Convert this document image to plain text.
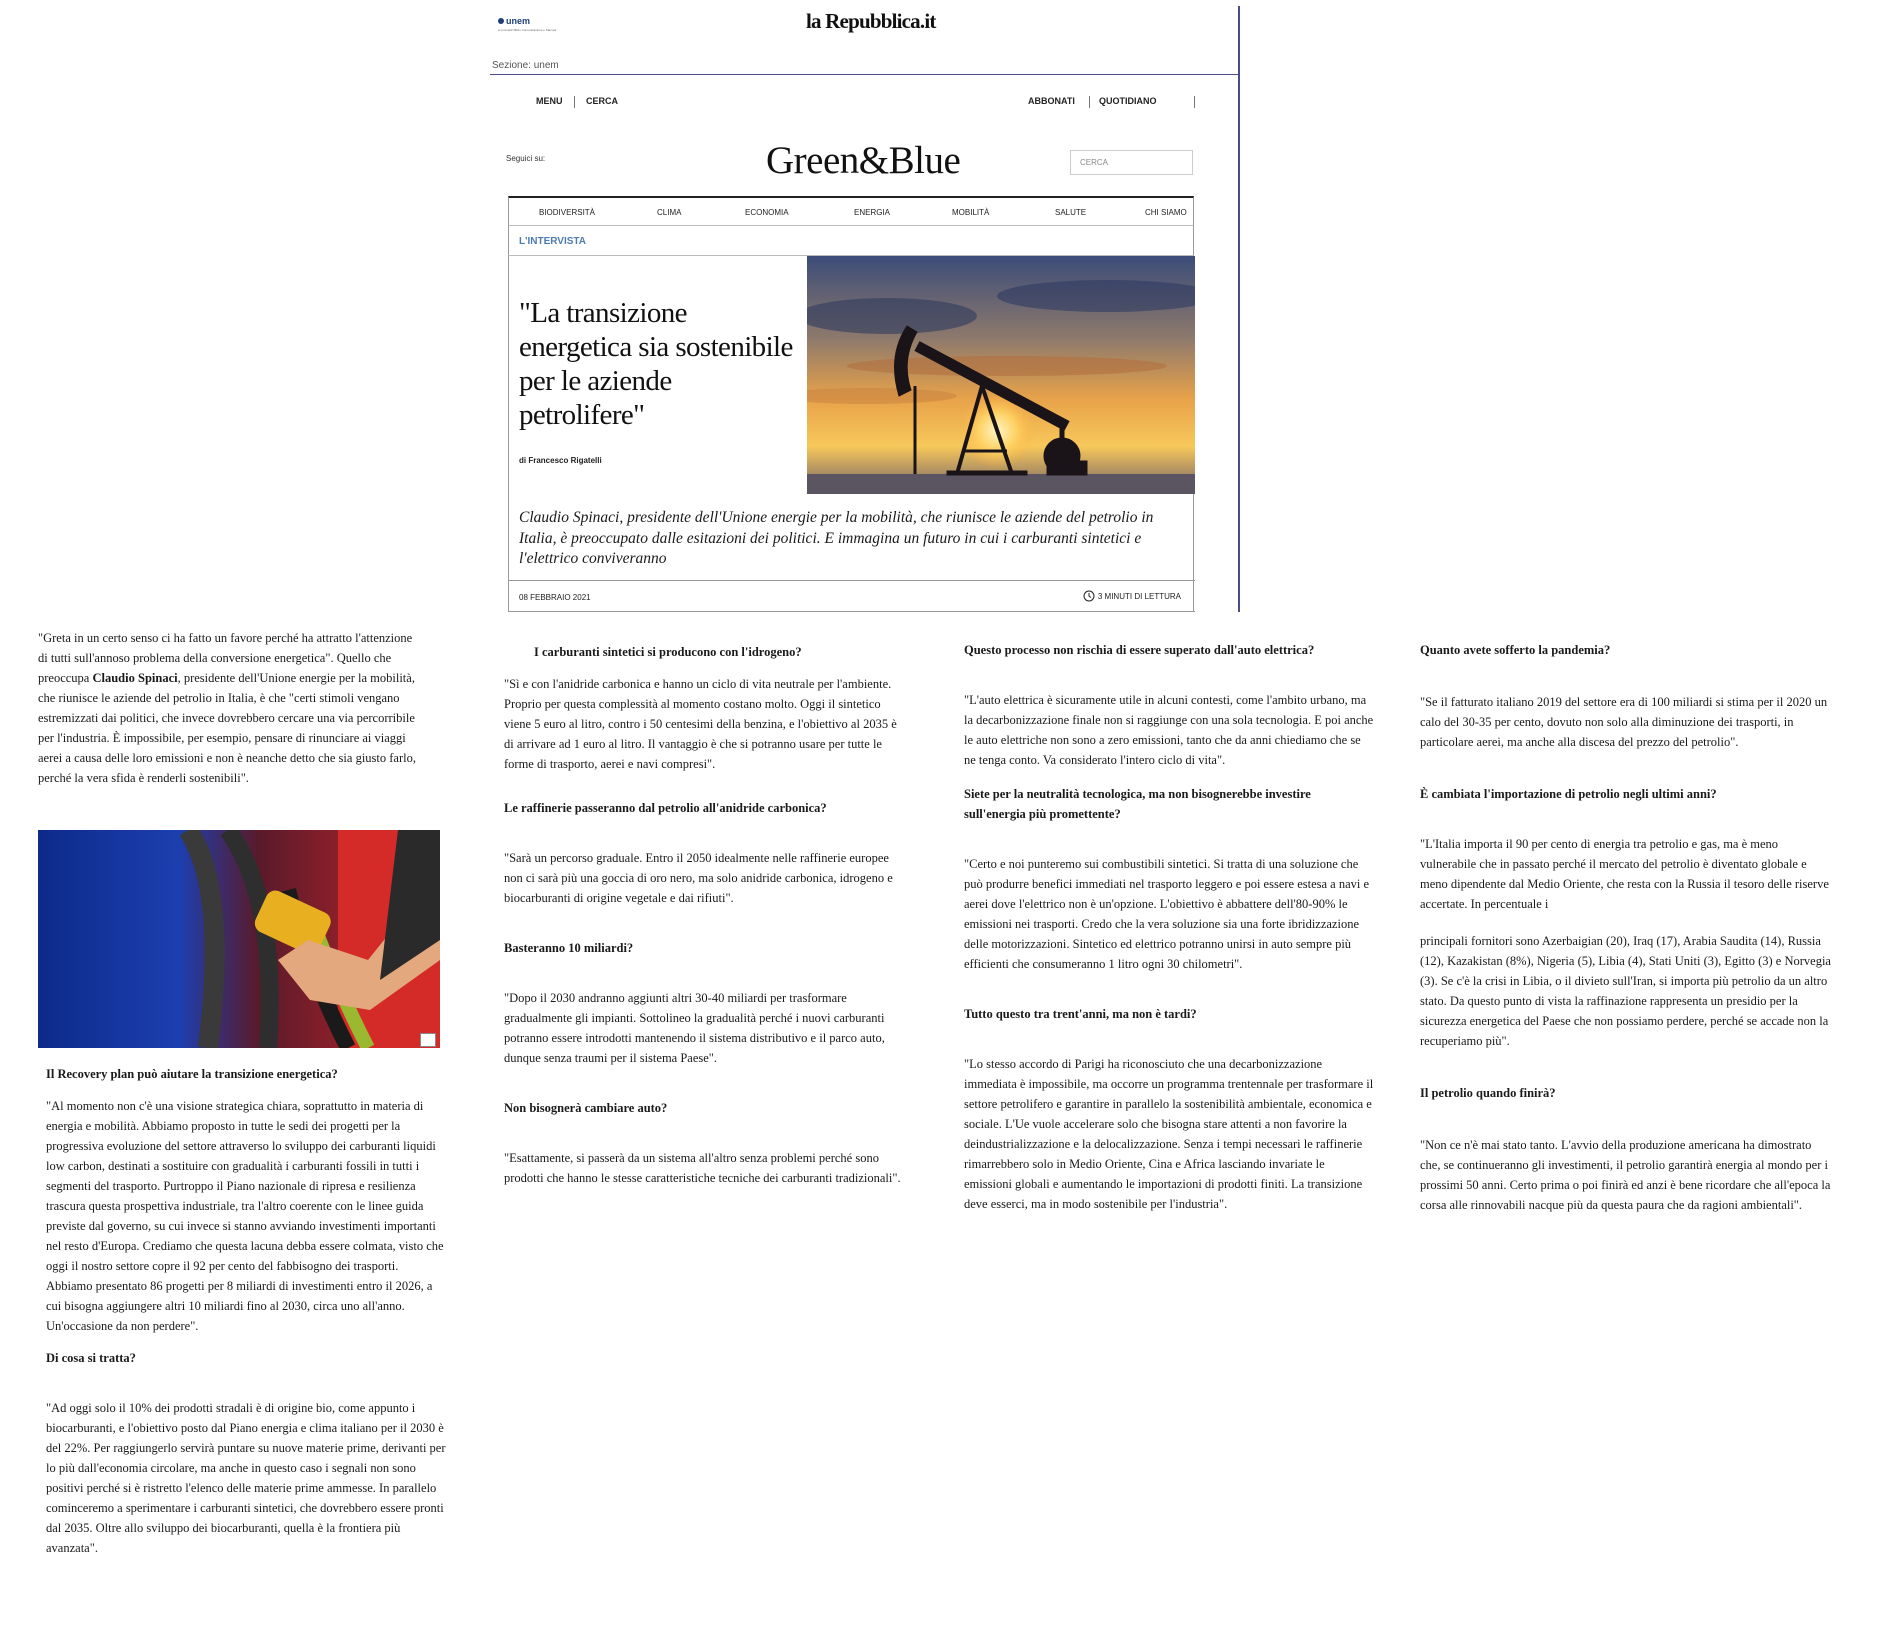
unem
A cura dell'Ufficio Comunicazione e Stampa	la Repubblica.it
Sezione: unem
MENU	CERCA	ABBONATI	QUOTIDIANO
Seguici su:	Green&Blue	CERCA
BIODIVERSITÀ	CLIMA	ECONOMIA	ENERGIA	MOBILITÀ	SALUTE	CHI SIAMO
L'INTERVISTA
"La transizione energetica sia sostenibile per le aziende petrolifere"
di Francesco Rigatelli
Claudio Spinaci, presidente dell'Unione energie per la mobilità, che riunisce le aziende del petrolio in Italia, è preoccupato dalle esitazioni dei politici. E immagina un futuro in cui i carburanti sintetici e l'elettrico conviveranno
08 FEBBRAIO 2021	3 MINUTI DI LETTURA

"Greta in un certo senso ci ha fatto un favore perché ha attratto l'attenzione di tutti sull'annoso problema della conversione energetica". Quello che preoccupa Claudio Spinaci, presidente dell'Unione energie per la mobilità, che riunisce le aziende del petrolio in Italia, è che "certi stimoli vengano estremizzati dai politici, che invece dovrebbero cercare una via percorribile per l'industria. È impossibile, per esempio, pensare di rinunciare ai viaggi aerei a causa delle loro emissioni e non è neanche detto che sia giusto farlo, perché la vera sfida è renderli sostenibili".

Il Recovery plan può aiutare la transizione energetica?

"Al momento non c'è una visione strategica chiara, soprattutto in materia di energia e mobilità. Abbiamo proposto in tutte le sedi dei progetti per la progressiva evoluzione del settore attraverso lo sviluppo dei carburanti liquidi low carbon, destinati a sostituire con gradualità i carburanti fossili in tutti i segmenti del trasporto. Purtroppo il Piano nazionale di ripresa e resilienza trascura questa prospettiva industriale, tra l'altro coerente con le linee guida previste dal governo, su cui invece si stanno avviando investimenti importanti nel resto d'Europa. Crediamo che questa lacuna debba essere colmata, visto che oggi il nostro settore copre il 92 per cento del fabbisogno dei trasporti. Abbiamo presentato 86 progetti per 8 miliardi di investimenti entro il 2026, a cui bisogna aggiungere altri 10 miliardi fino al 2030, circa uno all'anno. Un'occasione da non perdere".

Di cosa si tratta?

"Ad oggi solo il 10% dei prodotti stradali è di origine bio, come appunto i biocarburanti, e l'obiettivo posto dal Piano energia e clima italiano per il 2030 è del 22%. Per raggiungerlo servirà puntare su nuove materie prime, derivanti per lo più dall'economia circolare, ma anche in questo caso i segnali non sono positivi perché si è ristretto l'elenco delle materie prime ammesse. In parallelo cominceremo a sperimentare i carburanti sintetici, che dovrebbero essere pronti dal 2035. Oltre allo sviluppo dei biocarburanti, quella è la frontiera più avanzata".

I carburanti sintetici si producono con l'idrogeno?

"Sì e con l'anidride carbonica e hanno un ciclo di vita neutrale per l'ambiente. Proprio per questa complessità al momento costano molto. Oggi il sintetico viene 5 euro al litro, contro i 50 centesimi della benzina, e l'obiettivo al 2035 è di arrivare ad 1 euro al litro. Il vantaggio è che si potranno usare per tutte le forme di trasporto, aerei e navi compresi".

Le raffinerie passeranno dal petrolio all'anidride carbonica?

"Sarà un percorso graduale. Entro il 2050 idealmente nelle raffinerie europee non ci sarà più una goccia di oro nero, ma solo anidride carbonica, idrogeno e biocarburanti di origine vegetale e dai rifiuti".

Basteranno 10 miliardi?

"Dopo il 2030 andranno aggiunti altri 30-40 miliardi per trasformare gradualmente gli impianti. Sottolineo la gradualità perché i nuovi carburanti potranno essere introdotti mantenendo il sistema distributivo e il parco auto, dunque senza traumi per il sistema Paese".

Non bisognerà cambiare auto?

"Esattamente, si passerà da un sistema all'altro senza problemi perché sono prodotti che hanno le stesse caratteristiche tecniche dei carburanti tradizionali".

Questo processo non rischia di essere superato dall'auto elettrica?

"L'auto elettrica è sicuramente utile in alcuni contesti, come l'ambito urbano, ma la decarbonizzazione finale non si raggiunge con una sola tecnologia. E poi anche le auto elettriche non sono a zero emissioni, tanto che da anni chiediamo che se ne tenga conto. Va considerato l'intero ciclo di vita".

Siete per la neutralità tecnologica, ma non bisognerebbe investire sull'energia più promettente?

"Certo e noi punteremo sui combustibili sintetici. Si tratta di una soluzione che può produrre benefici immediati nel trasporto leggero e poi essere estesa a navi e aerei dove l'elettrico non è un'opzione. L'obiettivo è abbattere dell'80-90% le emissioni nei trasporti. Credo che la vera soluzione sia una forte ibridizzazione delle motorizzazioni. Sintetico ed elettrico potranno unirsi in auto sempre più efficienti che consumeranno 1 litro ogni 30 chilometri".

Tutto questo tra trent'anni, ma non è tardi?

"Lo stesso accordo di Parigi ha riconosciuto che una decarbonizzazione immediata è impossibile, ma occorre un programma trentennale per trasformare il settore petrolifero e garantire in parallelo la sostenibilità ambientale, economica e sociale. L'Ue vuole accelerare solo che bisogna stare attenti a non favorire la deindustrializzazione e la delocalizzazione. Senza i tempi necessari le raffinerie rimarrebbero solo in Medio Oriente, Cina e Africa lasciando invariate le emissioni globali e aumentando le importazioni di prodotti finiti. La transizione deve esserci, ma in modo sostenibile per l'industria".

Quanto avete sofferto la pandemia?

"Se il fatturato italiano 2019 del settore era di 100 miliardi si stima per il 2020 un calo del 30-35 per cento, dovuto non solo alla diminuzione dei trasporti, in particolare aerei, ma anche alla discesa del prezzo del petrolio".

È cambiata l'importazione di petrolio negli ultimi anni?

"L'Italia importa il 90 per cento di energia tra petrolio e gas, ma è meno vulnerabile che in passato perché il mercato del petrolio è diventato globale e meno dipendente dal Medio Oriente, che resta con la Russia il tesoro delle riserve accertate. In percentuale i

principali fornitori sono Azerbaigian (20), Iraq (17), Arabia Saudita (14), Russia (12), Kazakistan (8%), Nigeria (5), Libia (4), Stati Uniti (3), Egitto (3) e Norvegia (3). Se c'è la crisi in Libia, o il divieto sull'Iran, si importa più petrolio da un altro stato. Da questo punto di vista la raffinazione rappresenta un presidio per la sicurezza energetica del Paese che non possiamo perdere, perché se accade non la recuperiamo più".

Il petrolio quando finirà?

"Non ce n'è mai stato tanto. L'avvio della produzione americana ha dimostrato che, se continueranno gli investimenti, il petrolio garantirà energia al mondo per i prossimi 50 anni. Certo prima o poi finirà ed anzi è bene ricordare che all'epoca la corsa alle rinnovabili nacque più da questa paura che da ragioni ambientali".
